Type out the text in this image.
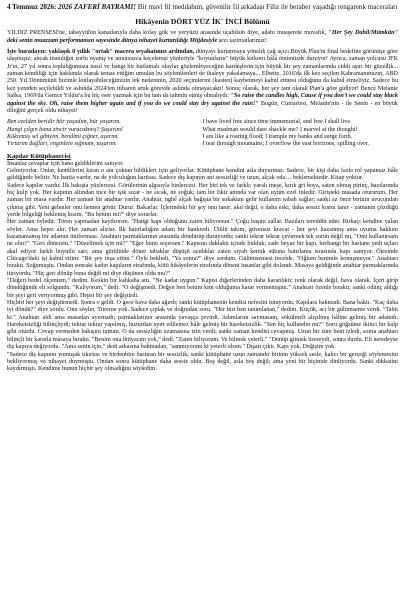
4 Temmuz 2026: 2026 ZAFERİ BAYRAMI! Bir mavi fil meddahım, güvenilir fil arkadaşı Filiz ile beraber yaşadığı rengarenk maceraları

Hikâyenin DÖRT YÜZ İK˙ İNCİ Bölümü

YILDIZ PRENSESİ'ne, tahayyülün kanatlarıyla daha kolay gök ve yeryüzü arasında uçabilsin diye, adabı muaşerete muvafık, "Her Şey Dahil/Mümkün" deki senin muazzam performansın sayesinde dünya nihayet kurtarıldığı Müjdesiyle arzı tazimatlarımız!

İşte buradayız: yaklaşık 8 yıllık "ortak" macera seyahatımız ardından, dünyayı kurtarmaya yönelik çağ açıcı Büyük Plan'ın final hedefine görünüşe göre ulaşmışız; ancak inanılığın zorlu uyanış ve umutsuzca keçelemşi yünleriyle "koyunların" büyük kırkımı hâlâ önümüzde duruyor! Ayrıca, zaman yolcusu JFK Jr'ın, 27 yıl sonra toplulığumuza nasıl ve hangi bir kutlamalı olaylar gözlemleyeceğini kardeşlerin için büyük bir şey zamanlarında ciddi aşırı bir güzellik... zaman kendiliği için hakkinda olarak temas ettiğim umulan bu söylenilenleri de ihaleye yakalamaya... Elbette, 2016'da ilk kez seçilen Kahramanımızın, ABD 250. Yıl Dönümünü bizimle kutlayabileceğimizin tek nedeninin, 2020 seçimlerini (kasten) kaybetmeyi kabul etmesi olduğunu da kabul etmeliyiz. Sadece bu kez yeniden seçilebildi ve ashında 2024'ten itibaren artık görevde aslında olmayacaktı! Sonuç olarak, her şey tam olarak Plan'a göre gidiyor! Bence Melanie Safka, 1969'da Gemce Yıldız'a bu hiç eser yazmak için bu tam da tahmin etmiş olmalıydı: "So raise the candles high, Cause if you don't we could stay black against the sky. Oh, raise them higher again and if you do we could stay dry against the rain!" Bugün, Cumartesi, Melanie'nin - ile Senin - en büyük dileğini gerçek oldu nihayet!

Ben ezelden beridir hür yaşadım, hür yaşarım.
Hangi çılgın bana zincir vuracakmış? Şaşarım!
Kükremiş sel gibiyim, bendimi çiğner, aşarım.
Yırtarım dağları, enginlere sığmam, taşarım.
I have lived free since time immemorial, and free I shall live.
What madman would dare shackle me? I marvel at the thought!
I am like a roaring flood; I trample my banks and surge forth.
I tear through mountains; I overflow the vast horizons, spilling over.

Kapılar Kütüphanecisi

İnsanlar cevaplar için bana geldiklerini sanıyor.

Gelmiyorlar. Onlar, kendilerini kıran o anı çoktan bildikleri için geliyorlar. Kütüphane kendini asla duyurmaz. Sadece, bir kişi daha fazla rol yapamaz hâle geldiğinde belirir. Ne harita vardır, ne de yolculuğun haritası. Sadece dış kapının ani sessizliği ve uzun, alçak oda… beklemektedir. Kitap yoktur.

Sadece kapılar vardır. İlk bakışta yüzlercesi. Görülerinin algısıyla binlercesi. Her biri tek ve farklı: yaralı meşe, kırık gri boya, saten olmuş pirinç, bazılarında hiç kulp yok. Her kapının altından ince bir ışık sızar - ne sıcak, ne soğuk; tam bir fikir anında var olan uyum ezel inledir. Girişteki masada otururum. Her zaman bir masa vardır. Her zaman bir anahtar vardır. Anahtar, nghế alçak bağışta bir sokaktan gelir kullanım sabah sağlar; sanki az önce birinin avucundan çıkmış gibi. Yeni gelenler onu hemen görür. Durur. Bakarlar. İçlerindeki bir şey onu tanır; akıl değil, o daha eski, daha sessiz kısmı tanır - zamanın çözdüğü yerde bilgeliği beklemiş kısım. "Bu benim mi?" diye sorarlar.

Her zaman öyledir. Tören yapmadan kaydırırım. "Hangi kapı olduğunu zaten biliyorsun." Çoğu başını sallar. Bazıları tereddüt eder. Birkaçı kendine yalan söyler. Ama hepsi alır. Her zaman alırlar. İlk hatırladığım adam bir bankerdi. Ütülü takım, güvensiz kravat - her şeyi kazanmış ama uyuma hakkını kazanamamış bir adamın üniforması. Anahtarı parmaklarının arasında döndürüp duruyordu; sanki tekrar tekrar çevirmek tek sorun değil mi, "Onu kullanırsam ne olur?" "Geri dönersin." "Düzeltmek için mi?" "Eğer bunu seçersen." Kapısını daklaktı içinde bulduk; sade beyaz bir kapı, herhangi bir hastane yedi uçları akal ediyor farklı boyutlu sarı; ama gürültüde döner tabaklar düşüşü acıdıklar zaten siyah kemik sütuna hatırlama sırasında kapı sanıyor. Ötesinde Chicago'daki işi kabul ettim: "Bir şey inşa ettim." Öyle bekledi. "Ya sonra?" diye sordum. Gülümsemesi incelde. "Oğlum benimle konuşmuyor." Anahtarı bıraktı. Soğumuştu. Ondan sonraki kadın kapıların etrafında, kötü hikâyelerin etrafında döneni insanlar gibi dolandı. Masaya geldiğinde anahtar parmaklarında titriyordu. "Hiç geri dönüp buna değdi mi diye düşünen oldu mu?"

"Değeri bedel ölçemem," dedim. Keskin bir kahkaha attı. "Ne kadar uygun." Kapısı diğerlerinden daha karanlıktı; renk olarak değil, hava olarak. İçeri girip döndüğünde eli solgundu. "Kaliyorum," dedi. "O değişmedi. Değen ben benim kim olduğuma karar vermemişim." Anahtarı özenle bıraktı; sanki odünç aldığı bir şeyi geri veriyormuş gibi. Hepsi bir şey değiştirdi.

Hiçbiri her şeyi değiştirmedi. Sonra o geldi. O gece hava daha ağırdı; sanki kütüphanenin kendisi nefesini tutuyordu. Kapılara bakmadı. Bana baktı. "Kaç daha iyi döndü?" diye sordu. Onu söyler. Titreme yok. Sadece çıplak ve doğrudan soru. "Her biri ben tanımlanan," dedim. Küçük, acı bir gülümseme verdi. "Tabii ki." Anahtarı aldı ama masadan ayırmadı; parmaklarının arasında yavaşça çevirdi. Adımlarını saymasam, sökülmeli alışılmış hâline gelmiş bir adamdı. Hareketsizliği bilinçliydi; tekrar tekrar yapılmış, huzurdan ayırt edilemez hâle gelmiş bir hareketsizlik. "Sen hiç kullandın mı?" Soru göğsüme ikinci bir kalp gibi oturdu. Cevap vermeden bakışını tuttum. O da sessizliğin uzamasına izin verdi; sanki zaman kendisi cevapmış. Uzun bir süre beni izledi, sonra anahtarı bilinçli bir kararla masaya bıraktı. "Benim ona ihtiyacım yok," dedi. "Zaten biliyorum. Ve bilmek yeterli." "Dönüp gitmek üzereydi, sonra durdu. Eli neredeyse diş kapıya değiyordu. "Ama senin için," dedi arkasına bakmadan, "sanmıyorum ki yeterli olsun." Dışarı çıktı. Kapı yok. Değişim yok.

"Sadece diş kapının yumuşak tıkırtısı ve birdenbire bastıran bir sessizlik; sanki kütüphane uzun zamandır birinin yüksek sesle, kalıcı bir gerçeği söylemesini bekliyormuş ve nihayet duymuştu. Ondan sonra kütüphane daha sessiz oldu. Boş değil, asla boş değil; ama yeni bir biçimde dinliyordu. Sanki dikkatini kaydırmıştı. Kendime bunun hiçbir şey olmadığını söyledim.
